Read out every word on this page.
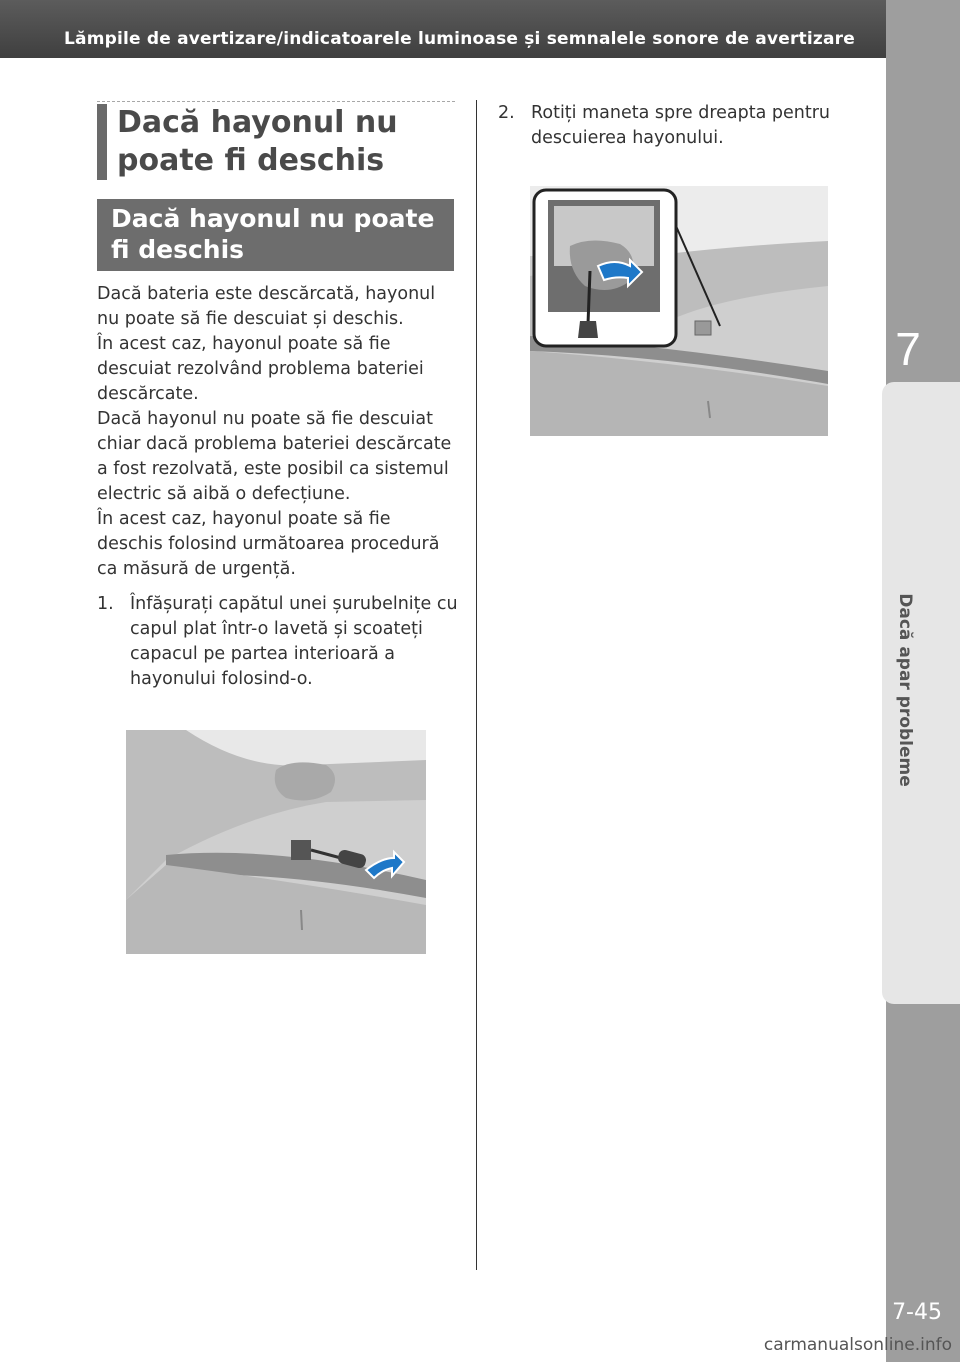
Lămpile de avertizare/indicatoarele luminoase și semnalele sonore de avertizare
7
Dacă apar probleme
7-45
carmanualsonline.info
Dacă hayonul nu
poate fi deschis
Dacă hayonul nu poate
fi deschis

Dacă bateria este descărcată, hayonul nu poate să fie descuiat și deschis.

În acest caz, hayonul poate să fie descuiat rezolvând problema bateriei descărcate.

Dacă hayonul nu poate să fie descuiat chiar dacă problema bateriei descărcate a fost rezolvată, este posibil ca sistemul electric să aibă o defecțiune.

În acest caz, hayonul poate să fie deschis folosind următoarea procedură ca măsură de urgență.

1. Înfășurați capătul unei șurubelnițe cu capul plat într-o lavetă și scoateți capacul pe partea interioară a hayonului folosind-o.
2. Rotiți maneta spre dreapta pentru descuierea hayonului.
